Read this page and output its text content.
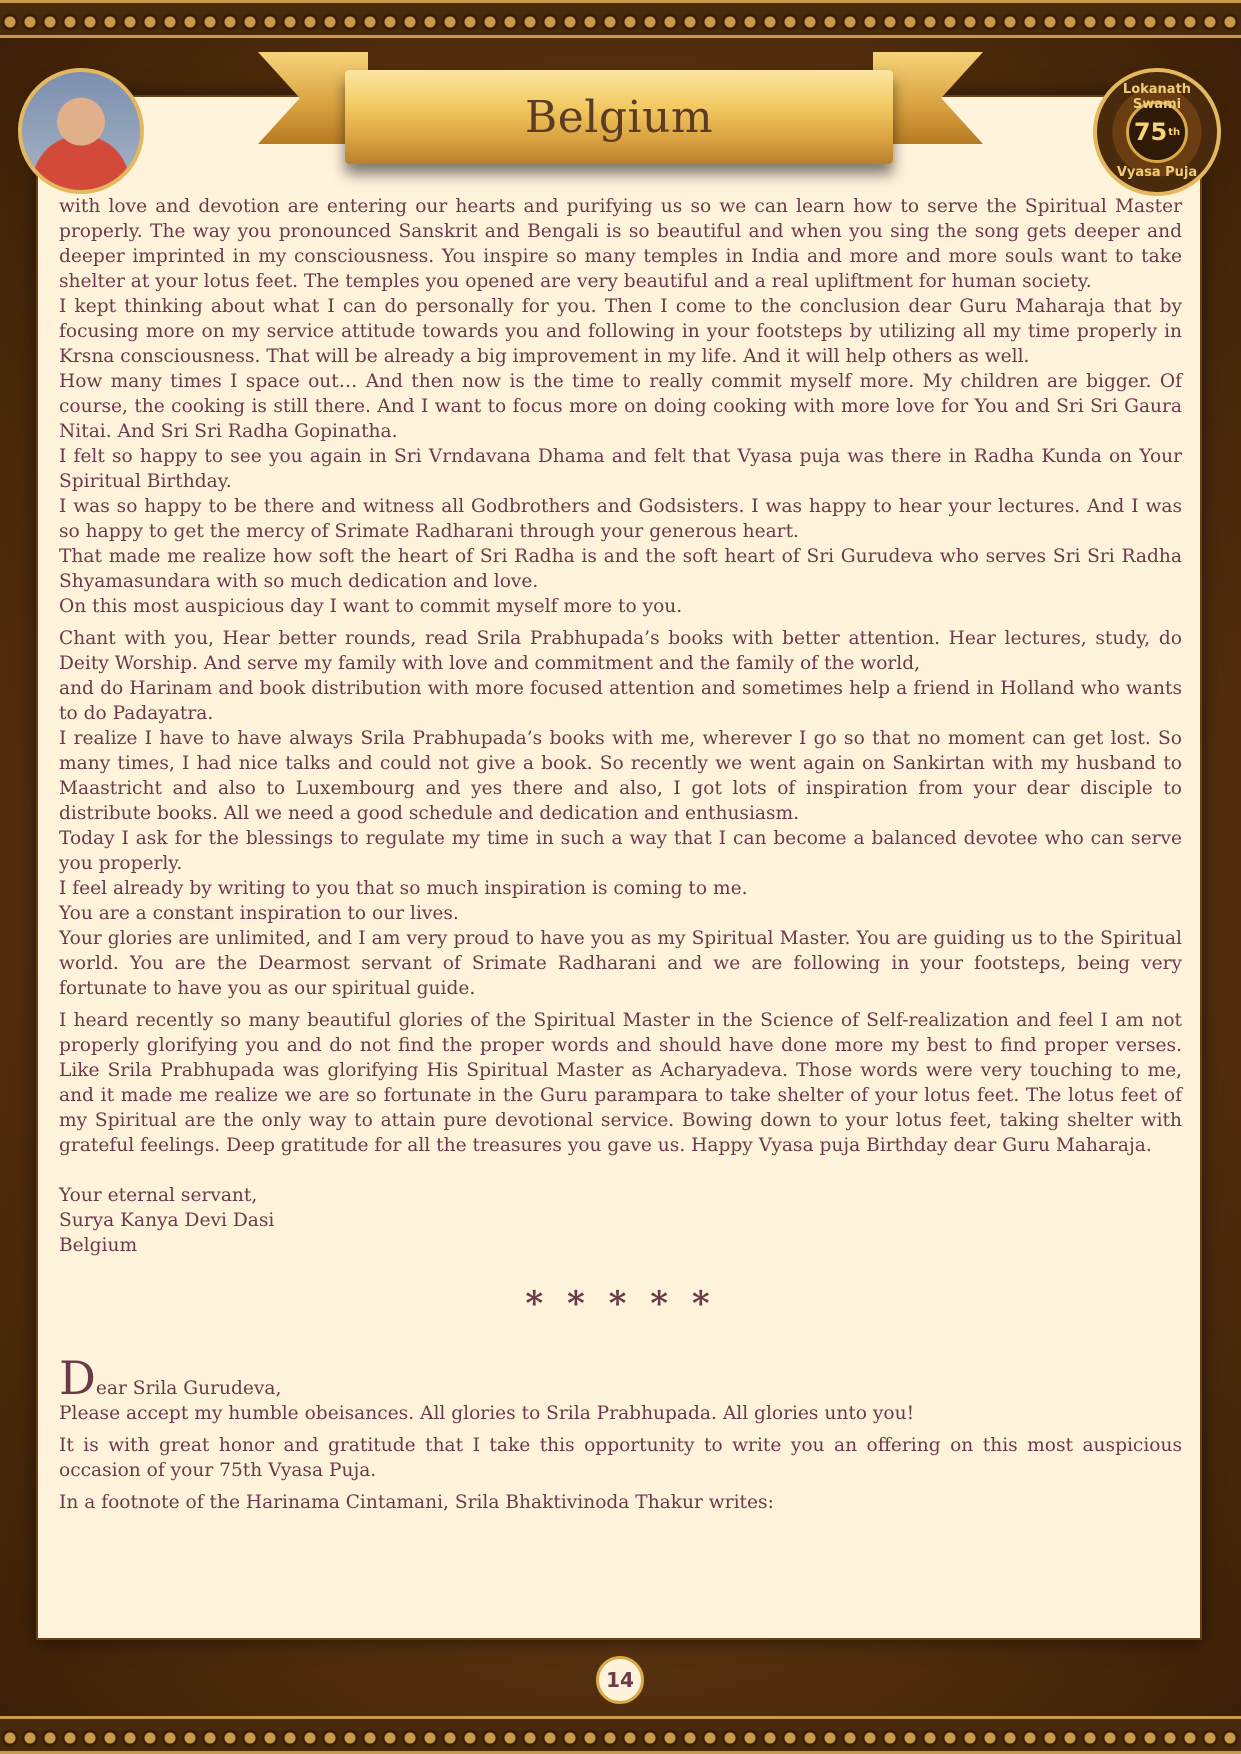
Belgium
Lokanath Swami
75 th
Vyasa Puja

with love and devotion are entering our hearts and purifying us so we can learn how to serve the Spiritual Master properly. The way you pronounced Sanskrit and Bengali is so beautiful and when you sing the song gets deeper and deeper imprinted in my consciousness. You inspire so many temples in India and more and more souls want to take shelter at your lotus feet. The temples you opened are very beautiful and a real upliftment for human society.

I kept thinking about what I can do personally for you. Then I come to the conclusion dear Guru Maharaja that by focusing more on my service attitude towards you and following in your footsteps by utilizing all my time properly in Krsna consciousness. That will be already a big improvement in my life. And it will help others as well.

How many times I space out… And then now is the time to really commit myself more. My children are bigger. Of course, the cooking is still there. And I want to focus more on doing cooking with more love for You and Sri Sri Gaura Nitai. And Sri Sri Radha Gopinatha.

I felt so happy to see you again in Sri Vrndavana Dhama and felt that Vyasa puja was there in Radha Kunda on Your Spiritual Birthday.

I was so happy to be there and witness all Godbrothers and Godsisters. I was happy to hear your lectures. And I was so happy to get the mercy of Srimate Radharani through your generous heart.

That made me realize how soft the heart of Sri Radha is and the soft heart of Sri Gurudeva who serves Sri Sri Radha Shyamasundara with so much dedication and love.

On this most auspicious day I want to commit myself more to you.

Chant with you, Hear better rounds, read Srila Prabhupada’s books with better attention. Hear lectures, study, do Deity Worship. And serve my family with love and commitment and the family of the world,

and do Harinam and book distribution with more focused attention and sometimes help a friend in Holland who wants to do Padayatra.

I realize I have to have always Srila Prabhupada’s books with me, wherever I go so that no moment can get lost. So many times, I had nice talks and could not give a book. So recently we went again on Sankirtan with my husband to Maastricht and also to Luxembourg and yes there and also, I got lots of inspiration from your dear disciple to distribute books. All we need a good schedule and dedication and enthusiasm.

Today I ask for the blessings to regulate my time in such a way that I can become a balanced devotee who can serve you properly.

I feel already by writing to you that so much inspiration is coming to me.

You are a constant inspiration to our lives.

Your glories are unlimited, and I am very proud to have you as my Spiritual Master. You are guiding us to the Spiritual world. You are the Dearmost servant of Srimate Radharani and we are following in your footsteps, being very fortunate to have you as our spiritual guide.

I heard recently so many beautiful glories of the Spiritual Master in the Science of Self-realization and feel I am not properly glorifying you and do not find the proper words and should have done more my best to find proper verses. Like Srila Prabhupada was glorifying His Spiritual Master as Acharyadeva. Those words were very touching to me, and it made me realize we are so fortunate in the Guru parampara to take shelter of your lotus feet. The lotus feet of my Spiritual are the only way to attain pure devotional service. Bowing down to your lotus feet, taking shelter with grateful feelings. Deep gratitude for all the treasures you gave us. Happy Vyasa puja Birthday dear Guru Maharaja.

Your eternal servant,
Surya Kanya Devi Dasi
Belgium
* * * * *
Dear Srila Gurudeva,

Please accept my humble obeisances. All glories to Srila Prabhupada. All glories unto you!

It is with great honor and gratitude that I take this opportunity to write you an offering on this most auspicious occasion of your 75th Vyasa Puja.

In a footnote of the Harinama Cintamani, Srila Bhaktivinoda Thakur writes:

14
